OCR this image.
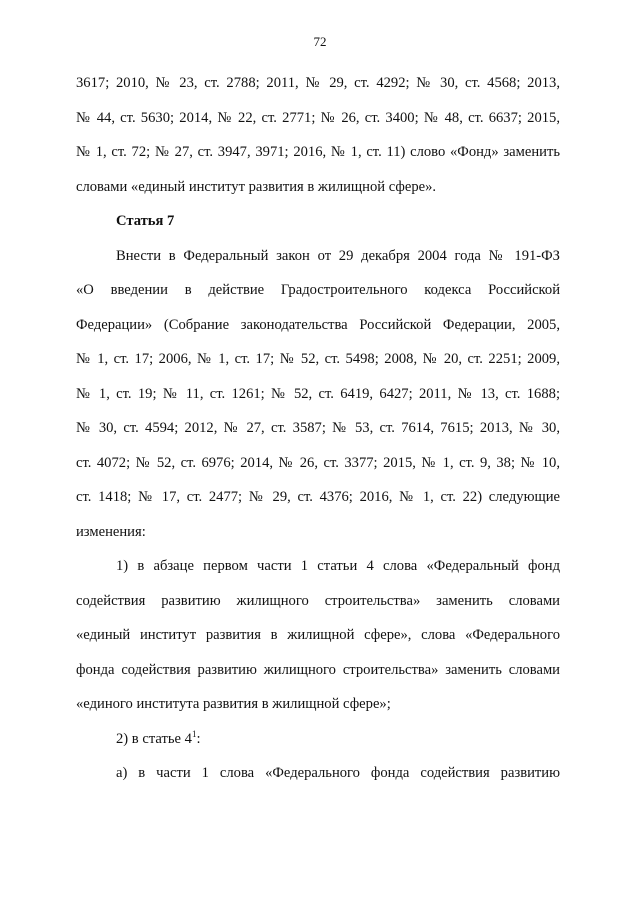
72
3617; 2010, № 23, ст. 2788; 2011, № 29, ст. 4292; № 30, ст. 4568; 2013,
№ 44, ст. 5630; 2014, № 22, ст. 2771; № 26, ст. 3400; № 48, ст. 6637; 2015,
№ 1, ст. 72; № 27, ст. 3947, 3971; 2016, № 1, ст. 11) слово «Фонд» заменить
словами «единый институт развития в жилищной сфере».
Статья 7
Внести в Федеральный закон от 29 декабря 2004 года № 191-ФЗ
«О введении в действие Градостроительного кодекса Российской
Федерации» (Собрание законодательства Российской Федерации, 2005,
№ 1, ст. 17; 2006, № 1, ст. 17; № 52, ст. 5498; 2008, № 20, ст. 2251; 2009,
№ 1, ст. 19; № 11, ст. 1261; № 52, ст. 6419, 6427; 2011, № 13, ст. 1688;
№ 30, ст. 4594; 2012, № 27, ст. 3587; № 53, ст. 7614, 7615; 2013, № 30,
ст. 4072; № 52, ст. 6976; 2014, № 26, ст. 3377; 2015, № 1, ст. 9, 38; № 10,
ст. 1418; № 17, ст. 2477; № 29, ст. 4376; 2016, № 1, ст. 22) следующие
изменения:
1) в абзаце первом части 1 статьи 4 слова «Федеральный фонд
содействия развитию жилищного строительства» заменить словами
«единый институт развития в жилищной сфере», слова «Федерального
фонда содействия развитию жилищного строительства» заменить словами
«единого института развития в жилищной сфере»;
2) в статье $4^1$:
а) в части 1 слова «Федерального фонда содействия развитию
